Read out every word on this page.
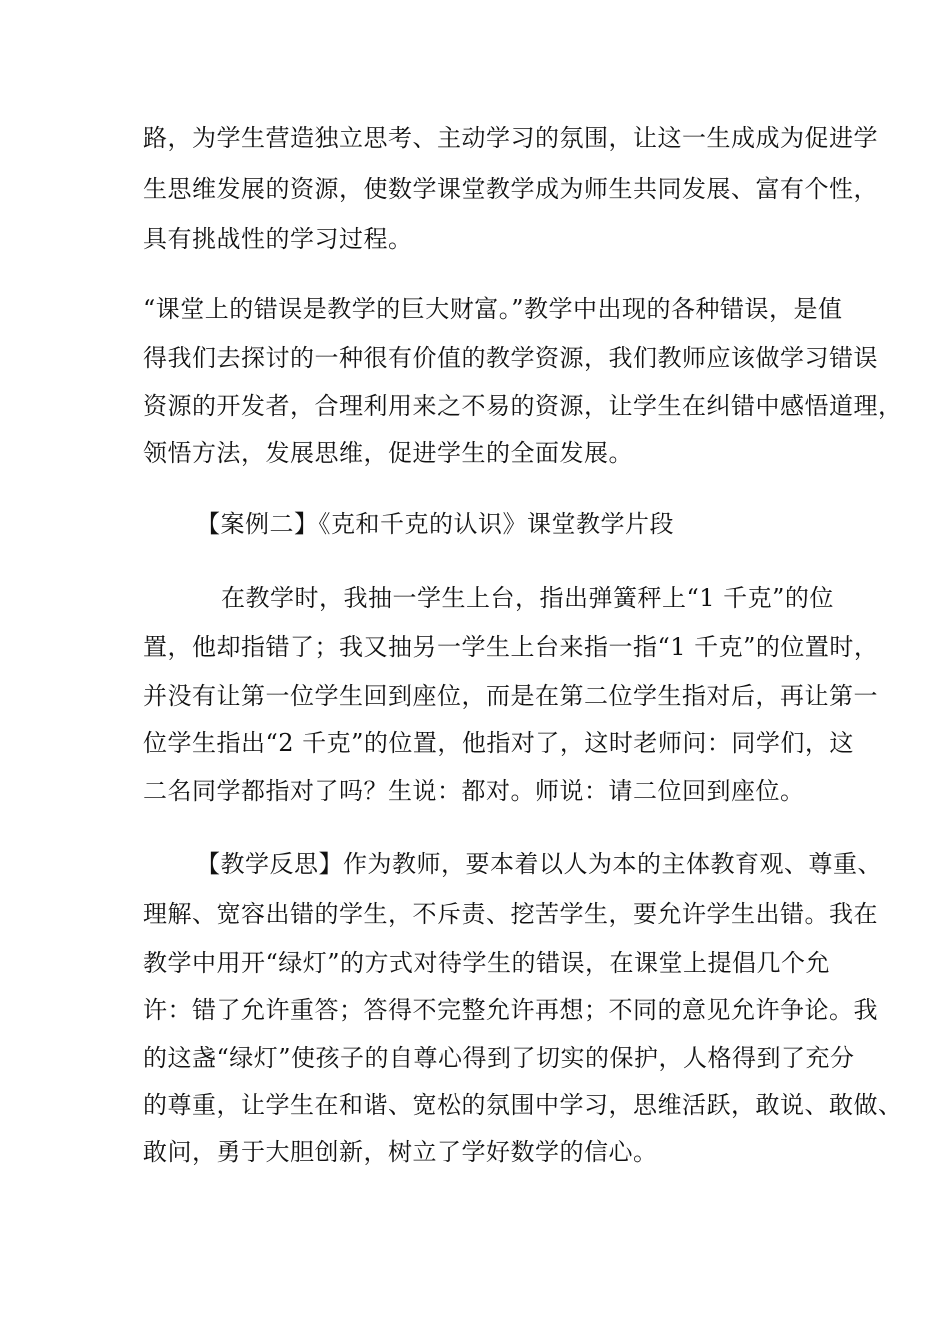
路，为学生营造独立思考、主动学习的氛围，让这一生成成为促进学
生思维发展的资源，使数学课堂教学成为师生共同发展、富有个性，
具有挑战性的学习过程。
“课堂上的错误是教学的巨大财富。”教学中出现的各种错误，是值
得我们去探讨的一种很有价值的教学资源，我们教师应该做学习错误
资源的开发者，合理利用来之不易的资源，让学生在纠错中感悟道理，
领悟方法，发展思维，促进学生的全面发展。
【案例二】《克和千克的认识》课堂教学片段
在教学时，我抽一学生上台，指出弹簧秤上“1 千克”的位
置，他却指错了；我又抽另一学生上台来指一指“1 千克”的位置时，
并没有让第一位学生回到座位，而是在第二位学生指对后，再让第一
位学生指出“2 千克”的位置，他指对了，这时老师问：同学们，这
二名同学都指对了吗？生说：都对。师说：请二位回到座位。
【教学反思】作为教师，要本着以人为本的主体教育观、尊重、
理解、宽容出错的学生，不斥责、挖苦学生，要允许学生出错。我在
教学中用开“绿灯”的方式对待学生的错误，在课堂上提倡几个允
许：错了允许重答；答得不完整允许再想；不同的意见允许争论。我
的这盏“绿灯”使孩子的自尊心得到了切实的保护，人格得到了充分
的尊重，让学生在和谐、宽松的氛围中学习，思维活跃，敢说、敢做、
敢问，勇于大胆创新，树立了学好数学的信心。
